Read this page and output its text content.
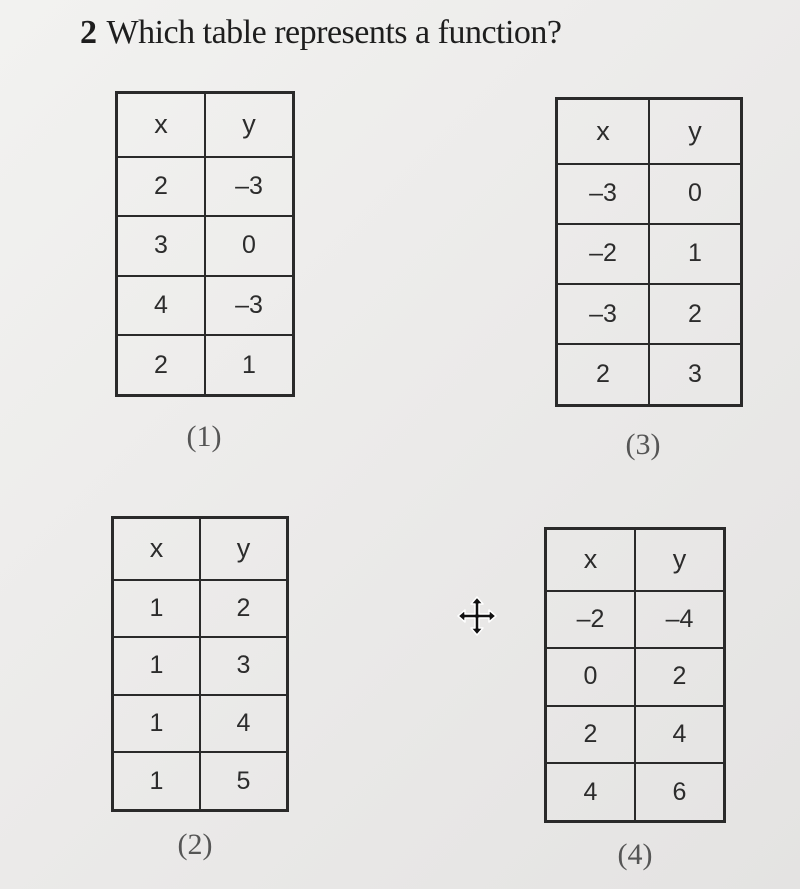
2 Which table represents a function?
x	y
2	–3
3	0
4	–3
2	1
(1)
x	y
–3	0
–2	1
–3	2
2	3
(3)
x	y
1	2
1	3
1	4
1	5
(2)
x	y
–2	–4
0	2
2	4
4	6
(4)
